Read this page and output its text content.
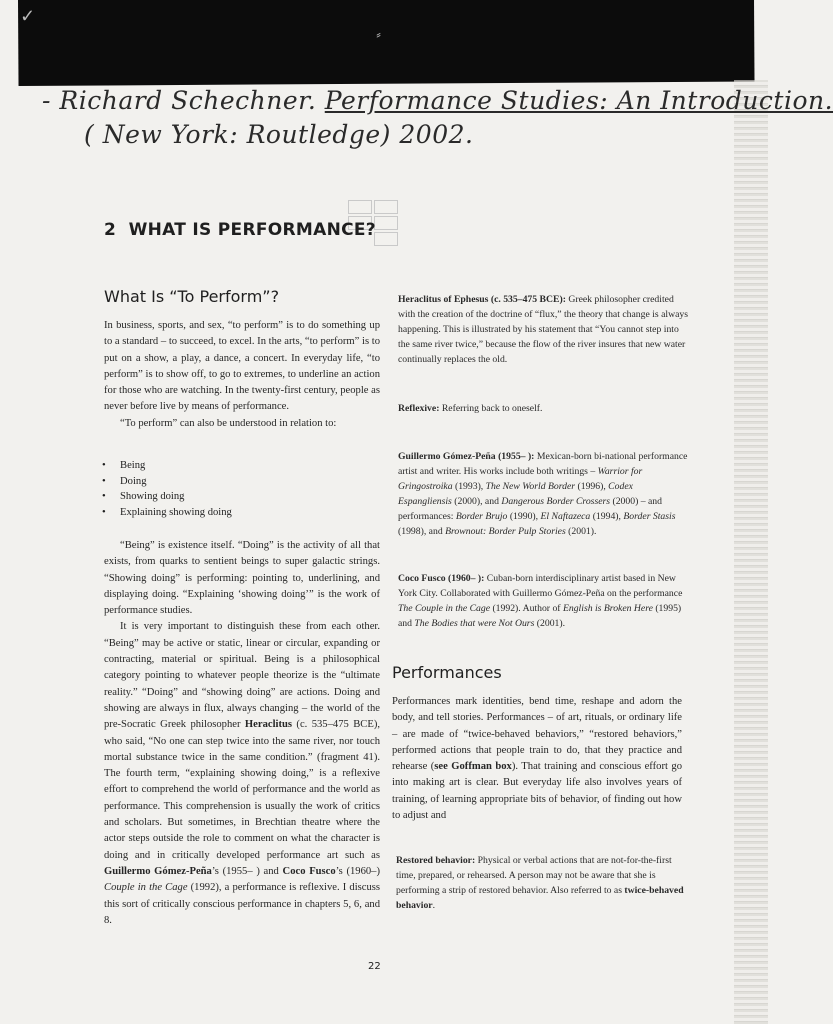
✓
⸗
- Richard Schechner. Performance Studies: An Introduction.
( New York: Routledge) 2002.
2 WHAT IS PERFORMANCE?
What Is “To Perform”?

In business, sports, and sex, “to perform” is to do something up to a standard – to succeed, to excel. In the arts, “to perform” is to put on a show, a play, a dance, a concert. In everyday life, “to perform” is to show off, to go to extremes, to underline an action for those who are watching. In the twenty-first century, people as never before live by means of performance.

“To perform” can also be understood in relation to:

• Being
• Doing
• Showing doing
• Explaining showing doing

“Being” is existence itself. “Doing” is the activity of all that exists, from quarks to sentient beings to super galactic strings. “Showing doing” is performing: pointing to, underlining, and displaying doing. “Explaining ‘showing doing’” is the work of performance studies.

It is very important to distinguish these from each other. “Being” may be active or static, linear or circular, expanding or contracting, material or spiritual. Being is a philosophical category pointing to whatever people theorize is the “ultimate reality.” “Doing” and “showing doing” are actions. Doing and showing are always in flux, always changing – the world of the pre-Socratic Greek philosopher Heraclitus (c. 535–475 BCE), who said, “No one can step twice into the same river, nor touch mortal substance twice in the same condition.” (fragment 41). The fourth term, “explaining showing doing,” is a reflexive effort to comprehend the world of performance and the world as performance. This comprehension is usually the work of critics and scholars. But sometimes, in Brechtian theatre where the actor steps outside the role to comment on what the character is doing and in critically developed performance art such as Guillermo Gómez-Peña’s (1955– ) and Coco Fusco’s (1960–) Couple in the Cage (1992), a performance is reflexive. I discuss this sort of critically conscious performance in chapters 5, 6, and 8.

Heraclitus of Ephesus (c. 535–475 BCE): Greek philosopher credited with the creation of the doctrine of “flux,” the theory that change is always happening. This is illustrated by his statement that “You cannot step into the same river twice,” because the flow of the river insures that new water continually replaces the old.
Reflexive: Referring back to oneself.
Guillermo Gómez-Peña (1955– ): Mexican-born bi-national performance artist and writer. His works include both writings – Warrior for Gringostroika (1993), The New World Border (1996), Codex Espangliensis (2000), and Dangerous Border Crossers (2000) – and performances: Border Brujo (1990), El Naftazeca (1994), Border Stasis (1998), and Brownout: Border Pulp Stories (2001).
Coco Fusco (1960– ): Cuban-born interdisciplinary artist based in New York City. Collaborated with Guillermo Gómez-Peña on the performance The Couple in the Cage (1992). Author of English is Broken Here (1995) and The Bodies that were Not Ours (2001).
Performances

Performances mark identities, bend time, reshape and adorn the body, and tell stories. Performances – of art, rituals, or ordinary life – are made of “twice-behaved behaviors,” “restored behaviors,” performed actions that people train to do, that they practice and rehearse (see Goffman box). That training and conscious effort go into making art is clear. But everyday life also involves years of training, of learning appropriate bits of behavior, of finding out how to adjust and

Restored behavior: Physical or verbal actions that are not-for-the-first time, prepared, or rehearsed. A person may not be aware that she is performing a strip of restored behavior. Also referred to as twice-behaved behavior.
22
